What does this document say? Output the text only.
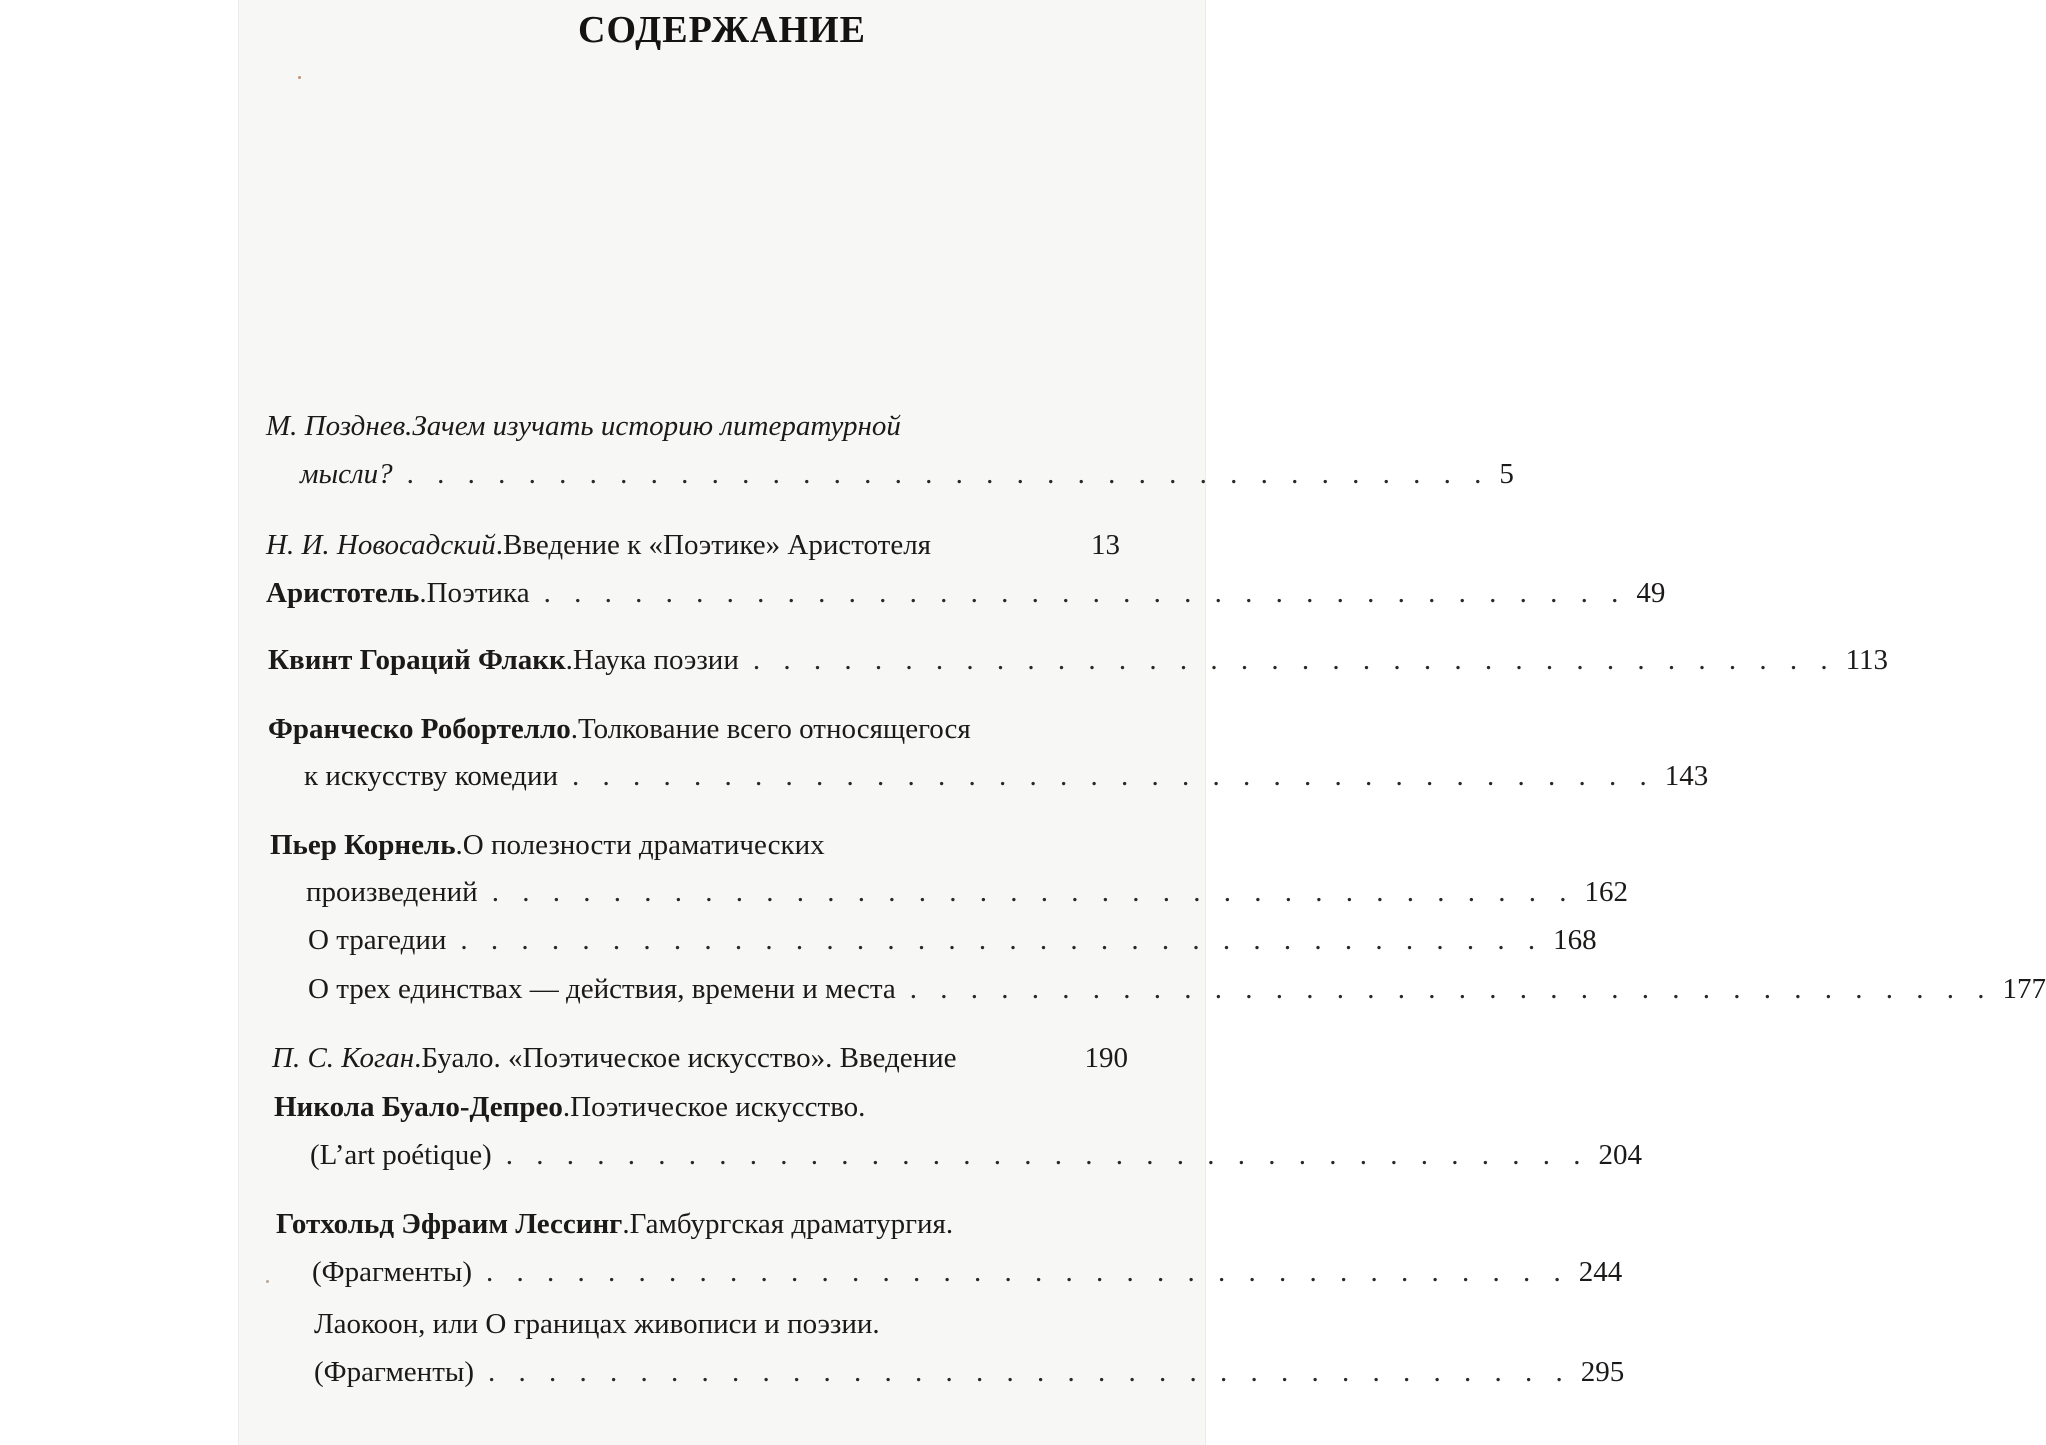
СОДЕРЖАНИЕ
М. Позднев . Зачем изучать историю литературной
мысли? . . . . . . . . . . . . . . . . . . . . . . . . . . . . . . . . . . . . 5
Н. И. Новосадский . Введение к «Поэтике» Аристотеля	13
Аристотель . Поэтика . . . . . . . . . . . . . . . . . . . . . . . . . . . . . . . . . . . . 49
Квинт Гораций Флакк . Наука поэзии . . . . . . . . . . . . . . . . . . . . . . . . . . . . . . . . . . . . 113
Франческо Робортелло . Толкование всего относящегося
к искусству комедии . . . . . . . . . . . . . . . . . . . . . . . . . . . . . . . . . . . . 143
Пьер Корнель . О полезности драматических
произведений . . . . . . . . . . . . . . . . . . . . . . . . . . . . . . . . . . . . 162
О трагедии . . . . . . . . . . . . . . . . . . . . . . . . . . . . . . . . . . . . 168
О трех единствах — действия, времени и места . . . . . . . . . . . . . . . . . . . . . . . . . . . . . . . . . . . . 177
П. С. Коган . Буало. «Поэтическое искусство». Введение	190
Никола Буало-Депрео . Поэтическое искусство.
(L’art poétique) . . . . . . . . . . . . . . . . . . . . . . . . . . . . . . . . . . . . 204
Готхольд Эфраим Лессинг . Гамбургская драматургия.
(Фрагменты) . . . . . . . . . . . . . . . . . . . . . . . . . . . . . . . . . . . . 244
Лаокоон, или О границах живописи и поэзии.
(Фрагменты) . . . . . . . . . . . . . . . . . . . . . . . . . . . . . . . . . . . . 295
